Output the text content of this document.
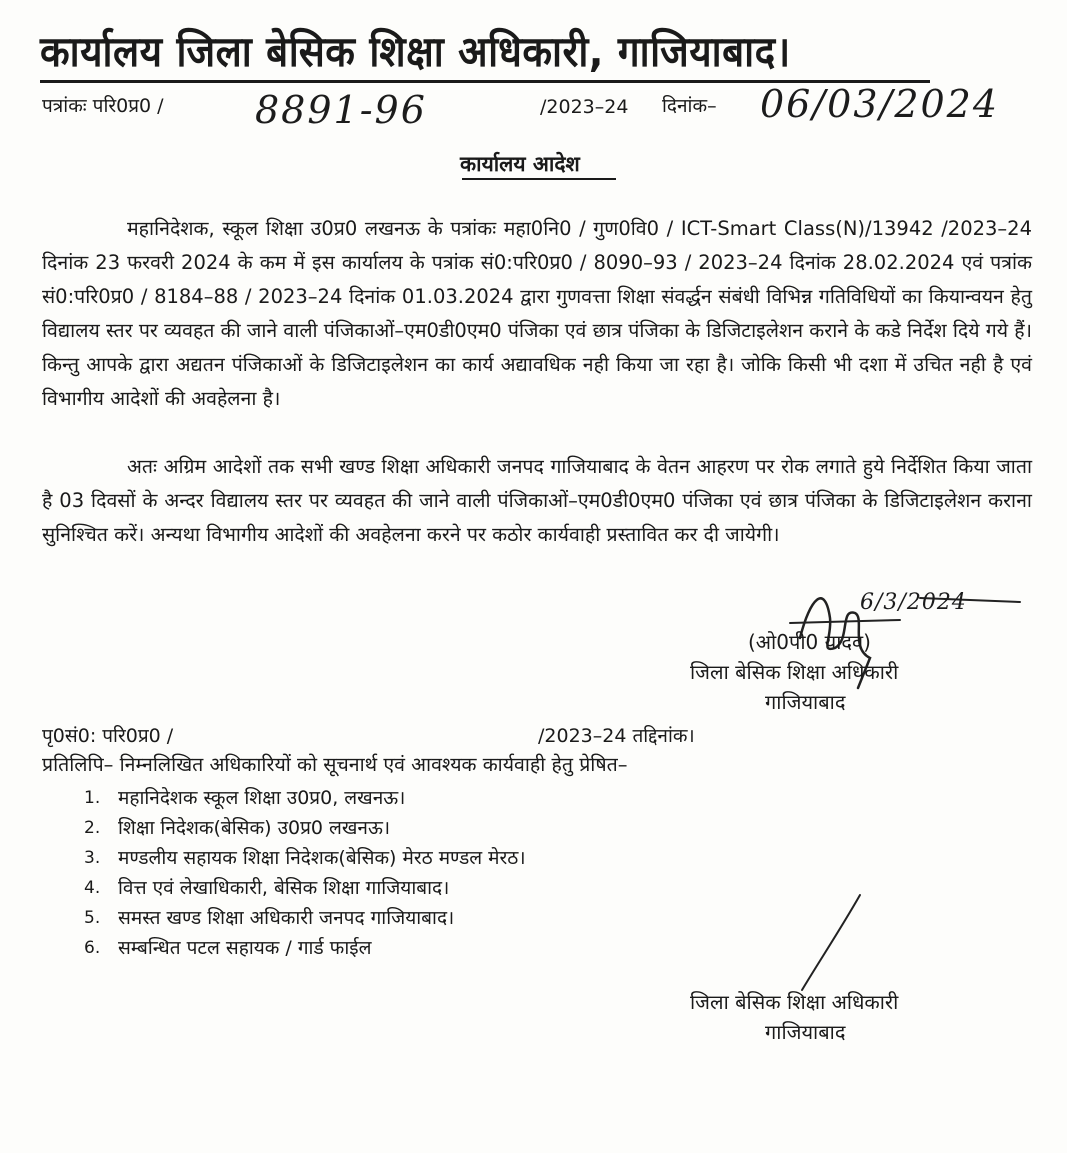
कार्यालय जिला बेसिक शिक्षा अधिकारी, गाजियाबाद।
पत्रांकः परि0प्र0 / 8891-96	/2023–24 दिनांक– 06/03/2024
कार्यालय आदेश
महानिदेशक, स्कूल शिक्षा उ0प्र0 लखनऊ के पत्रांकः महा0नि0 / गुण0वि0 / ICT-Smart Class(N)/13942 /2023–24 दिनांक 23 फरवरी 2024 के कम में इस कार्यालय के पत्रांक सं0:परि0प्र0 / 8090–93 / 2023–24 दिनांक 28.02.2024 एवं पत्रांक सं0:परि0प्र0 / 8184–88 / 2023–24 दिनांक 01.03.2024 द्वारा गुणवत्ता शिक्षा संवर्द्धन संबंधी विभिन्न गतिविधियों का कियान्वयन हेतु विद्यालय स्तर पर व्यवहत की जाने वाली पंजिकाओं–एम0डी0एम0 पंजिका एवं छात्र पंजिका के डिजिटाइलेशन कराने के कडे निर्देश दिये गये हैं। किन्तु आपके द्वारा अद्यतन पंजिकाओं के डिजिटाइलेशन का कार्य अद्यावधिक नही किया जा रहा है। जोकि किसी भी दशा में उचित नही है एवं विभागीय आदेशों की अवहेलना है।
अतः अग्रिम आदेशों तक सभी खण्ड शिक्षा अधिकारी जनपद गाजियाबाद के वेतन आहरण पर रोक लगाते हुये निर्देशित किया जाता है 03 दिवसों के अन्दर विद्यालय स्तर पर व्यवहत की जाने वाली पंजिकाओं–एम0डी0एम0 पंजिका एवं छात्र पंजिका के डिजिटाइलेशन कराना सुनिश्चित करें। अन्यथा विभागीय आदेशों की अवहेलना करने पर कठोर कार्यवाही प्रस्तावित कर दी जायेगी।
6/3/2024
(ओ0पी0 यादव)
जिला बेसिक शिक्षा अधिकारी
गाजियाबाद
पृ0सं0: परि0प्र0 /	/2023–24 तद्दिनांक।
प्रतिलिपि– निम्नलिखित अधिकारियों को सूचनार्थ एवं आवश्यक कार्यवाही हेतु प्रेषित–
1. महानिदेशक स्कूल शिक्षा उ0प्र0, लखनऊ।
2. शिक्षा निदेशक(बेसिक) उ0प्र0 लखनऊ।
3. मण्डलीय सहायक शिक्षा निदेशक(बेसिक) मेरठ मण्डल मेरठ।
4. वित्त एवं लेखाधिकारी, बेसिक शिक्षा गाजियाबाद।
5. समस्त खण्ड शिक्षा अधिकारी जनपद गाजियाबाद।
6. सम्बन्धित पटल सहायक / गार्ड फाईल
जिला बेसिक शिक्षा अधिकारी
गाजियाबाद
